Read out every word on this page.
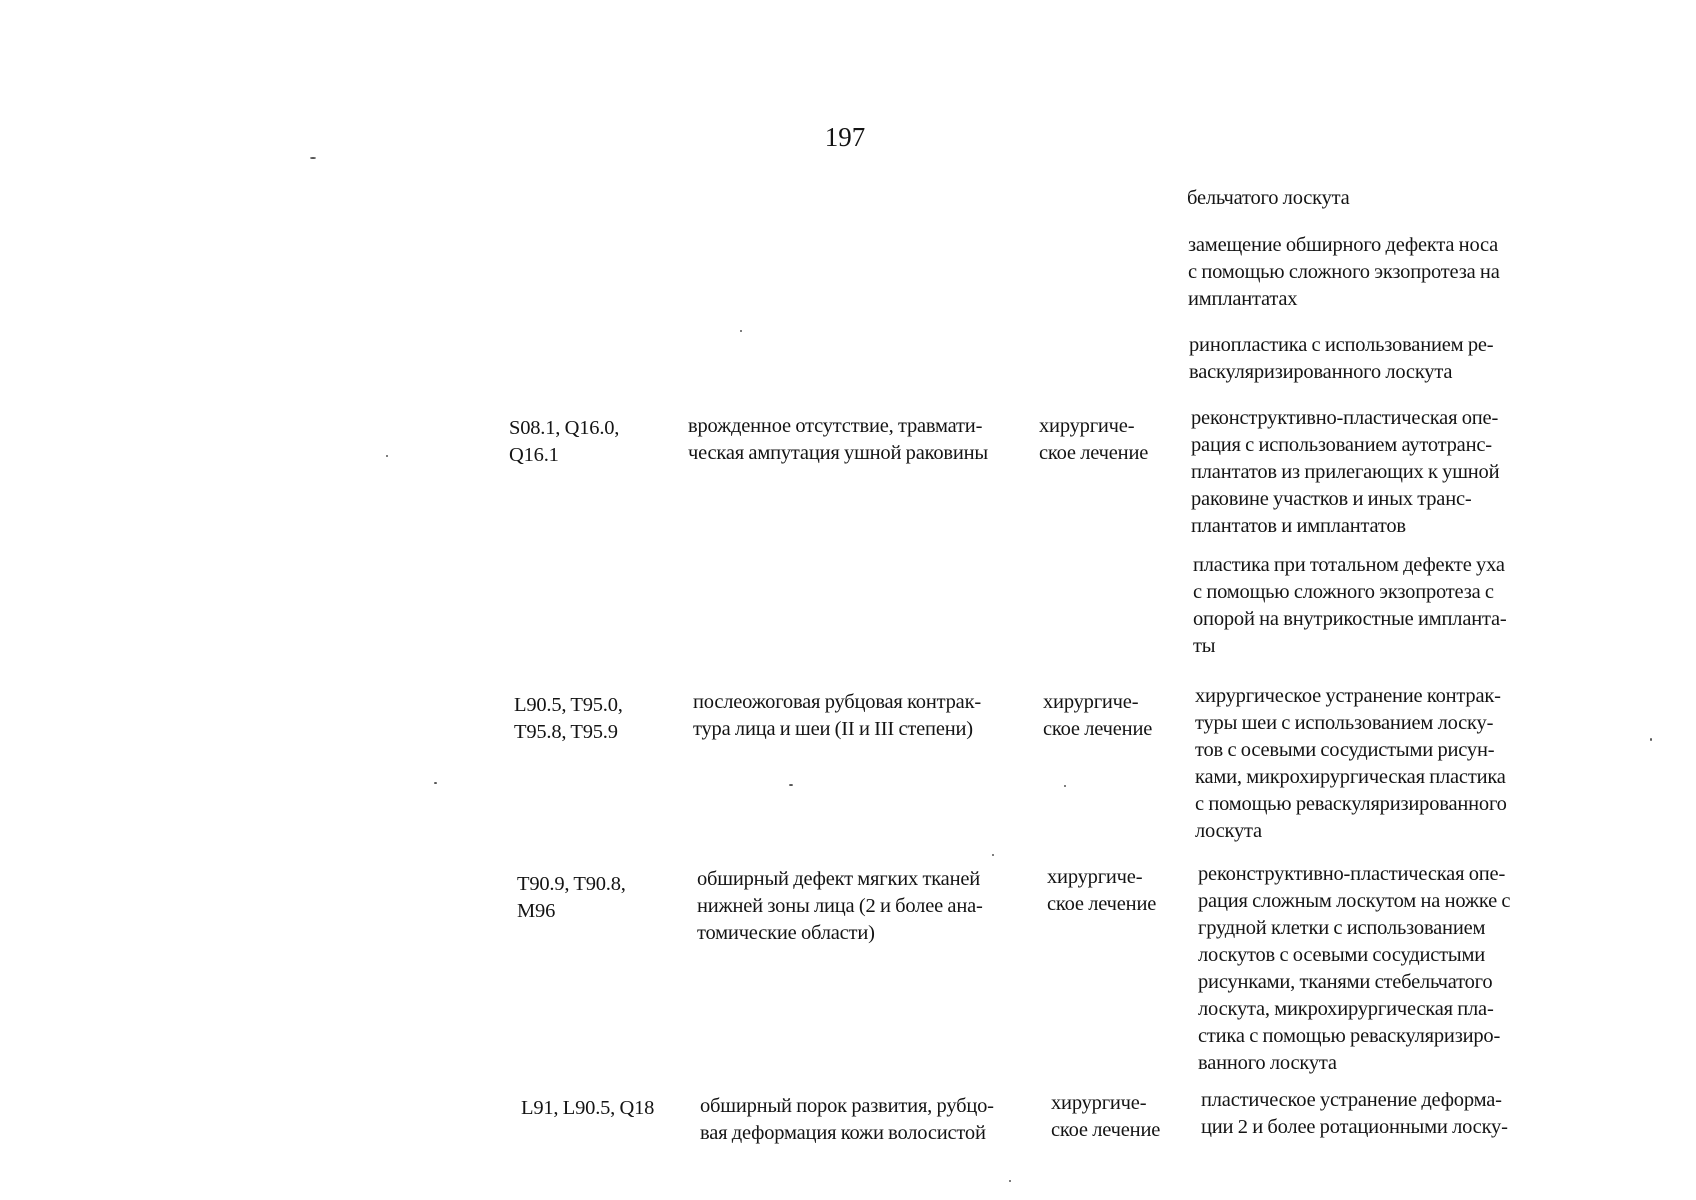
197
бельчатого лоскута
замещение обширного дефекта носа
с помощью сложного экзопротеза на
имплантатах
ринопластика с использованием ре-
васкуляризированного лоскута
S08.1, Q16.0,
Q16.1
врожденное отсутствие, травмати-
ческая ампутация ушной раковины
хирургиче-
ское лечение
реконструктивно-пластическая опе-
рация с использованием аутотранс-
плантатов из прилегающих к ушной
раковине участков и иных транс-
плантатов и имплантатов
пластика при тотальном дефекте уха
с помощью сложного экзопротеза с
опорой на внутрикостные импланта-
ты
L90.5, T95.0,
T95.8, T95.9
послеожоговая рубцовая контрак-
тура лица и шеи (II и III степени)
хирургиче-
ское лечение
хирургическое устранение контрак-
туры шеи с использованием лоску-
тов с осевыми сосудистыми рисун-
ками, микрохирургическая пластика
с помощью реваскуляризированного
лоскута
T90.9, T90.8,
M96
обширный дефект мягких тканей
нижней зоны лица (2 и более ана-
томические области)
хирургиче-
ское лечение
реконструктивно-пластическая опе-
рация сложным лоскутом на ножке с
грудной клетки с использованием
лоскутов с осевыми сосудистыми
рисунками, тканями стебельчатого
лоскута, микрохирургическая пла-
стика с помощью реваскуляризиро-
ванного лоскута
L91, L90.5, Q18 обширный порок развития, рубцо-
вая деформация кожи волосистой
хирургиче-
ское лечение
пластическое устранение деформа-
ции 2 и более ротационными лоску-
